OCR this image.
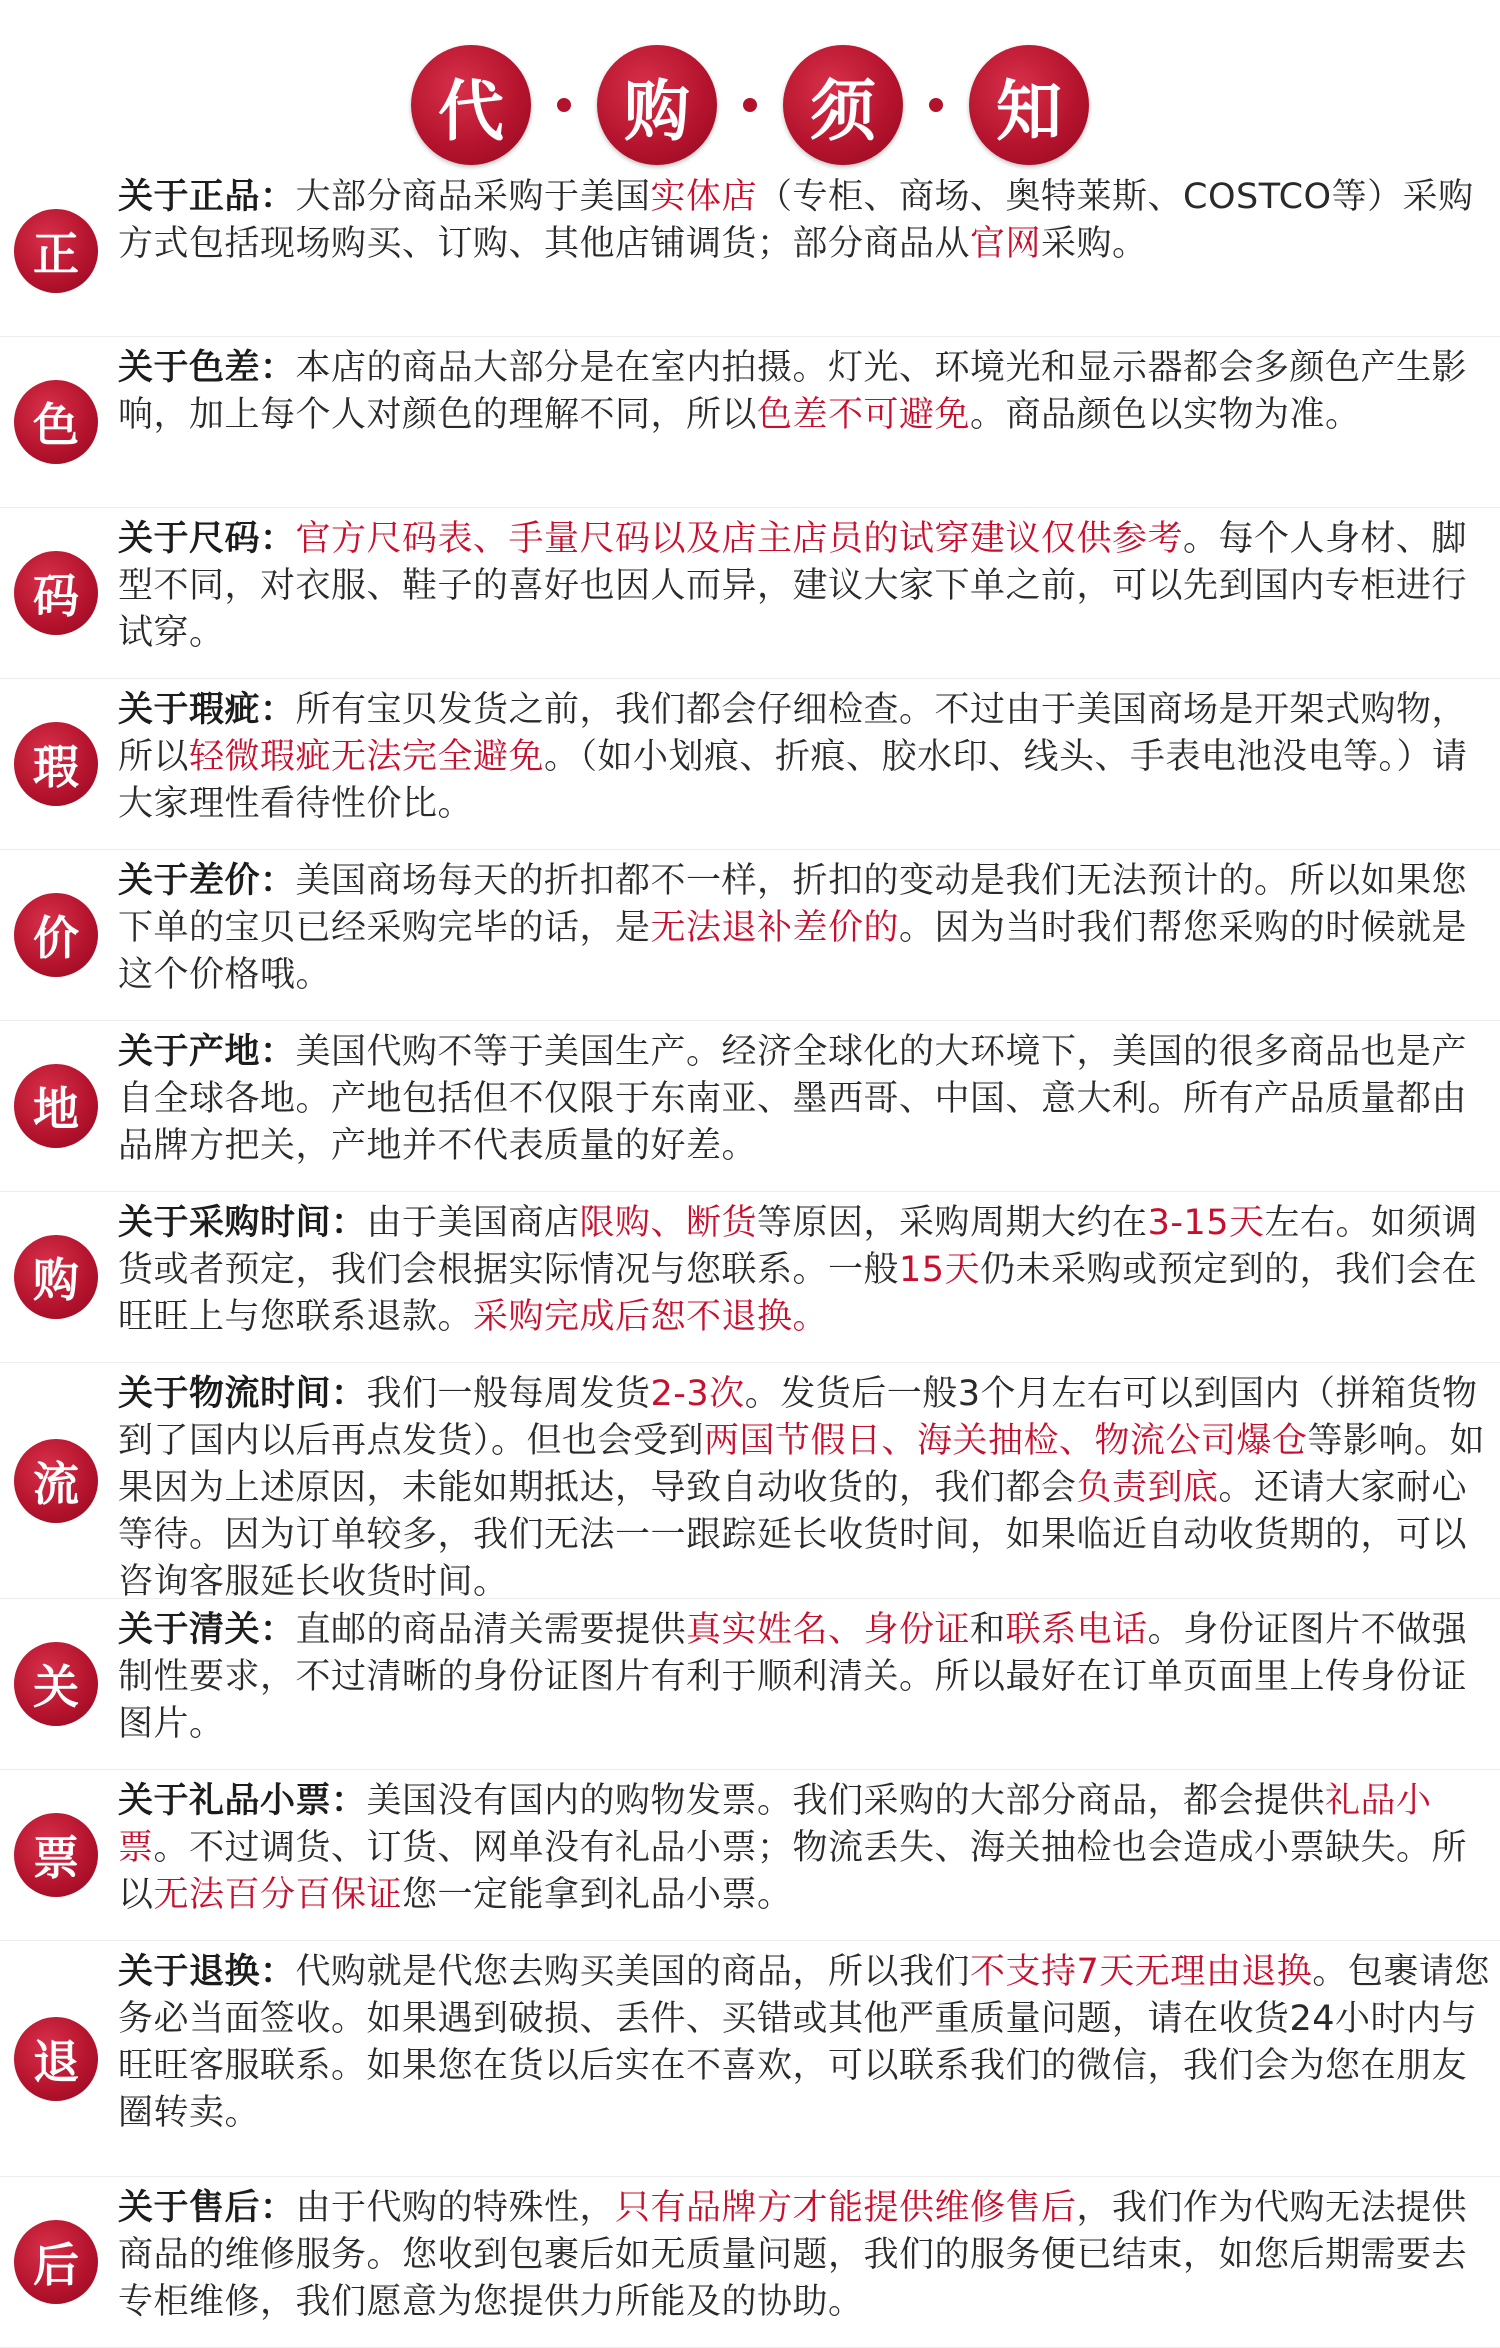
代	购	须	知
正
关于正品：大部分商品采购于美国实体店（专柜、商场、奥特莱斯、COSTCO等）采购方式包括现场购买、订购、其他店铺调货；部分商品从官网采购。
色
关于色差：本店的商品大部分是在室内拍摄。灯光、环境光和显示器都会多颜色产生影响，加上每个人对颜色的理解不同，所以色差不可避免。商品颜色以实物为准。
码
关于尺码：官方尺码表、手量尺码以及店主店员的试穿建议仅供参考。每个人身材、脚型不同，对衣服、鞋子的喜好也因人而异，建议大家下单之前，可以先到国内专柜进行试穿。
瑕
关于瑕疵：所有宝贝发货之前，我们都会仔细检查。不过由于美国商场是开架式购物，所以轻微瑕疵无法完全避免。（如小划痕、折痕、胶水印、线头、手表电池没电等。）请大家理性看待性价比。
价
关于差价：美国商场每天的折扣都不一样，折扣的变动是我们无法预计的。所以如果您下单的宝贝已经采购完毕的话，是无法退补差价的。因为当时我们帮您采购的时候就是这个价格哦。
地
关于产地：美国代购不等于美国生产。经济全球化的大环境下，美国的很多商品也是产自全球各地。产地包括但不仅限于东南亚、墨西哥、中国、意大利。所有产品质量都由品牌方把关，产地并不代表质量的好差。
购
关于采购时间：由于美国商店限购、断货等原因，采购周期大约在3-15天左右。如须调货或者预定，我们会根据实际情况与您联系。一般15天仍未采购或预定到的，我们会在旺旺上与您联系退款。采购完成后恕不退换。
流
关于物流时间：我们一般每周发货2-3次。发货后一般3个月左右可以到国内（拼箱货物到了国内以后再点发货）。但也会受到两国节假日、海关抽检、物流公司爆仓等影响。如果因为上述原因，未能如期抵达，导致自动收货的，我们都会负责到底。还请大家耐心等待。因为订单较多，我们无法一一跟踪延长收货时间，如果临近自动收货期的，可以咨询客服延长收货时间。
关
关于清关：直邮的商品清关需要提供真实姓名、身份证和联系电话。身份证图片不做强制性要求，不过清晰的身份证图片有利于顺利清关。所以最好在订单页面里上传身份证图片。
票
关于礼品小票：美国没有国内的购物发票。我们采购的大部分商品，都会提供礼品小票。不过调货、订货、网单没有礼品小票；物流丢失、海关抽检也会造成小票缺失。所以无法百分百保证您一定能拿到礼品小票。
退
关于退换：代购就是代您去购买美国的商品，所以我们不支持7天无理由退换。包裹请您务必当面签收。如果遇到破损、丢件、买错或其他严重质量问题，请在收货24小时内与旺旺客服联系。如果您在货以后实在不喜欢，可以联系我们的微信，我们会为您在朋友圈转卖。
后
关于售后：由于代购的特殊性，只有品牌方才能提供维修售后，我们作为代购无法提供商品的维修服务。您收到包裹后如无质量问题，我们的服务便已结束，如您后期需要去专柜维修，我们愿意为您提供力所能及的协助。
